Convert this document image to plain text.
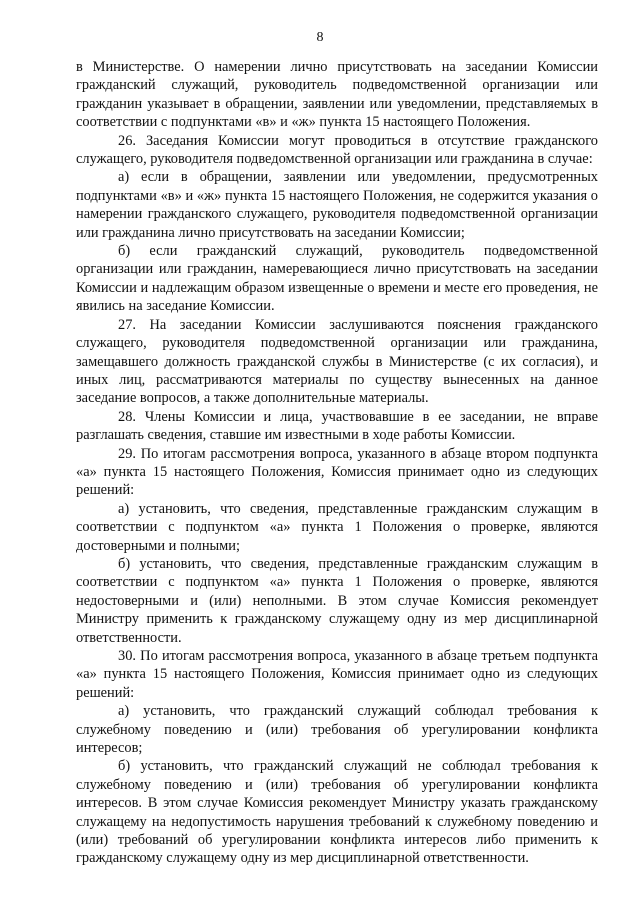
8

в Министерстве. О намерении лично присутствовать на заседании Комиссии гражданский служащий, руководитель подведомственной организации или гражданин указывает в обращении, заявлении или уведомлении, представляемых в соответствии с подпунктами «в» и «ж» пункта 15 настоящего Положения.

26. Заседания Комиссии могут проводиться в отсутствие гражданского служащего, руководителя подведомственной организации или гражданина в случае:

а) если в обращении, заявлении или уведомлении, предусмотренных подпунктами «в» и «ж» пункта 15 настоящего Положения, не содержится указания о намерении гражданского служащего, руководителя подведомственной организации или гражданина лично присутствовать на заседании Комиссии;

б) если гражданский служащий, руководитель подведомственной организации или гражданин, намеревающиеся лично присутствовать на заседании Комиссии и надлежащим образом извещенные о времени и месте его проведения, не явились на заседание Комиссии.

27. На заседании Комиссии заслушиваются пояснения гражданского служащего, руководителя подведомственной организации или гражданина, замещавшего должность гражданской службы в Министерстве (с их согласия), и иных лиц, рассматриваются материалы по существу вынесенных на данное заседание вопросов, а также дополнительные материалы.

28. Члены Комиссии и лица, участвовавшие в ее заседании, не вправе разглашать сведения, ставшие им известными в ходе работы Комиссии.

29. По итогам рассмотрения вопроса, указанного в абзаце втором подпункта «а» пункта 15 настоящего Положения, Комиссия принимает одно из следующих решений:

а) установить, что сведения, представленные гражданским служащим в соответствии с подпунктом «а» пункта 1 Положения о проверке, являются достоверными и полными;

б) установить, что сведения, представленные гражданским служащим в соответствии с подпунктом «а» пункта 1 Положения о проверке, являются недостоверными и (или) неполными. В этом случае Комиссия рекомендует Министру применить к гражданскому служащему одну из мер дисциплинарной ответственности.

30. По итогам рассмотрения вопроса, указанного в абзаце третьем подпункта «а» пункта 15 настоящего Положения, Комиссия принимает одно из следующих решений:

а) установить, что гражданский служащий соблюдал требования к служебному поведению и (или) требования об урегулировании конфликта интересов;

б) установить, что гражданский служащий не соблюдал требования к служебному поведению и (или) требования об урегулировании конфликта интересов. В этом случае Комиссия рекомендует Министру указать гражданскому служащему на недопустимость нарушения требований к служебному поведению и (или) требований об урегулировании конфликта интересов либо применить к гражданскому служащему одну из мер дисциплинарной ответственности.
